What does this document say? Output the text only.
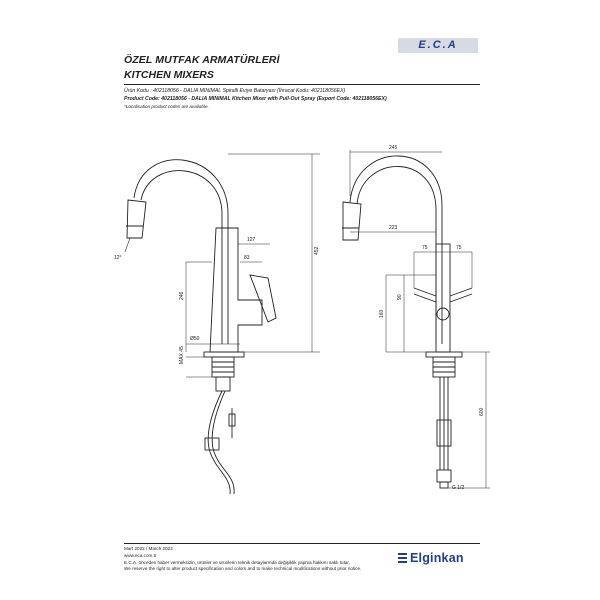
ÖZEL MUTFAK ARMATÜRLERİ
KITCHEN MIXERS
E.C.A
Ürün Kodu : 402118056 - DALIA MINIMAL Spiralli Eviye Bataryası (İhracat Kodu: 402118056EX)
Product Code: 402118056 - DALIA MINIMAL Kitchen Mixer with Pull-Out Spray (Export Code: 402118056EX)
*Localisation product codes are available.
452
127
83
246
Ø50
MAX 45
12°
245
223
75	75
160
90
600
G 1/2
Mart 2022 / March 2022
www.eca.com.tr
E.C.A. önceden haber vermeksizin, ürünler ve ürünlerin teknik detaylarında değişiklik yapma hakkını saklı tutar.
We reserve the right to alter product specification and colors and to make technical modifications without prior notice.
Elginkan
